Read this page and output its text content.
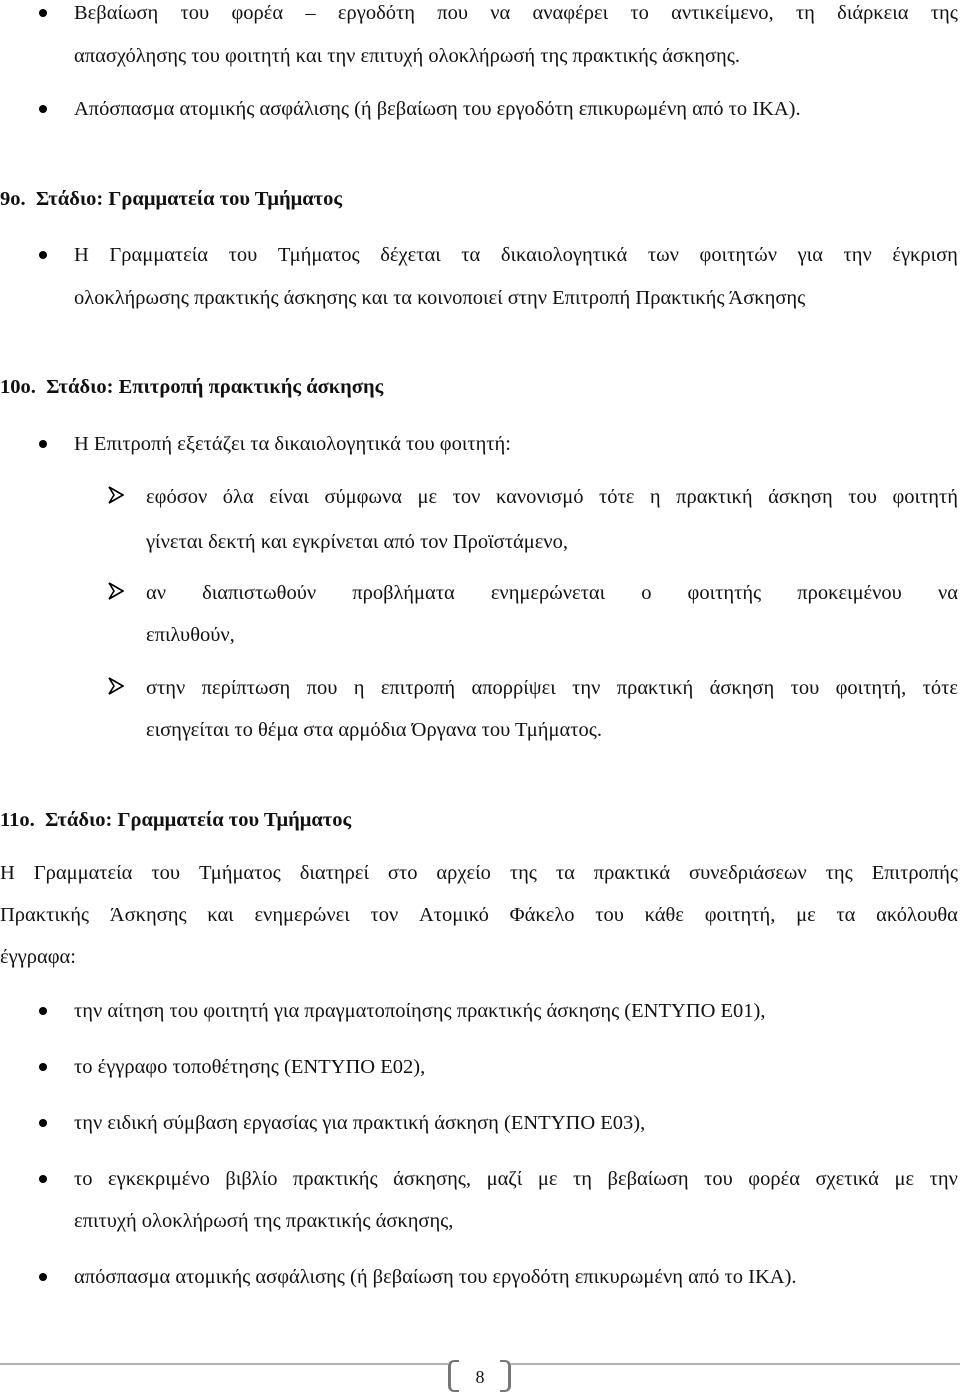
Βεβαίωση του φορέα – εργοδότη που να αναφέρει το αντικείμενο, τη διάρκεια της
απασχόλησης του φοιτητή και την επιτυχή ολοκλήρωσή της πρακτικής άσκησης.
Απόσπασμα ατομικής ασφάλισης (ή βεβαίωση του εργοδότη επικυρωμένη από το ΙΚΑ).
9ο. Στάδιο: Γραμματεία του Τμήματος
Η Γραμματεία του Τμήματος δέχεται τα δικαιολογητικά των φοιτητών για την έγκριση
ολοκλήρωσης πρακτικής άσκησης και τα κοινοποιεί στην Επιτροπή Πρακτικής Άσκησης
10ο. Στάδιο: Επιτροπή πρακτικής άσκησης
Η Επιτροπή εξετάζει τα δικαιολογητικά του φοιτητή:
εφόσον όλα είναι σύμφωνα με τον κανονισμό τότε η πρακτική άσκηση του φοιτητή
γίνεται δεκτή και εγκρίνεται από τον Προϊστάμενο,
αν διαπιστωθούν προβλήματα ενημερώνεται ο φοιτητής προκειμένου να
επιλυθούν,
στην περίπτωση που η επιτροπή απορρίψει την πρακτική άσκηση του φοιτητή, τότε
εισηγείται το θέμα στα αρμόδια Όργανα του Τμήματος.
11ο. Στάδιο: Γραμματεία του Τμήματος
Η Γραμματεία του Τμήματος διατηρεί στο αρχείο της τα πρακτικά συνεδριάσεων της Επιτροπής
Πρακτικής Άσκησης και ενημερώνει τον Ατομικό Φάκελο του κάθε φοιτητή, με τα ακόλουθα
έγγραφα:
την αίτηση του φοιτητή για πραγματοποίησης πρακτικής άσκησης (ΕΝΤΥΠΟ Ε01),
το έγγραφο τοποθέτησης (ΕΝΤΥΠΟ Ε02),
την ειδική σύμβαση εργασίας για πρακτική άσκηση (ΕΝΤΥΠΟ Ε03),
το εγκεκριμένο βιβλίο πρακτικής άσκησης, μαζί με τη βεβαίωση του φορέα σχετικά με την
επιτυχή ολοκλήρωσή της πρακτικής άσκησης,
απόσπασμα ατομικής ασφάλισης (ή βεβαίωση του εργοδότη επικυρωμένη από το ΙΚΑ).
8
